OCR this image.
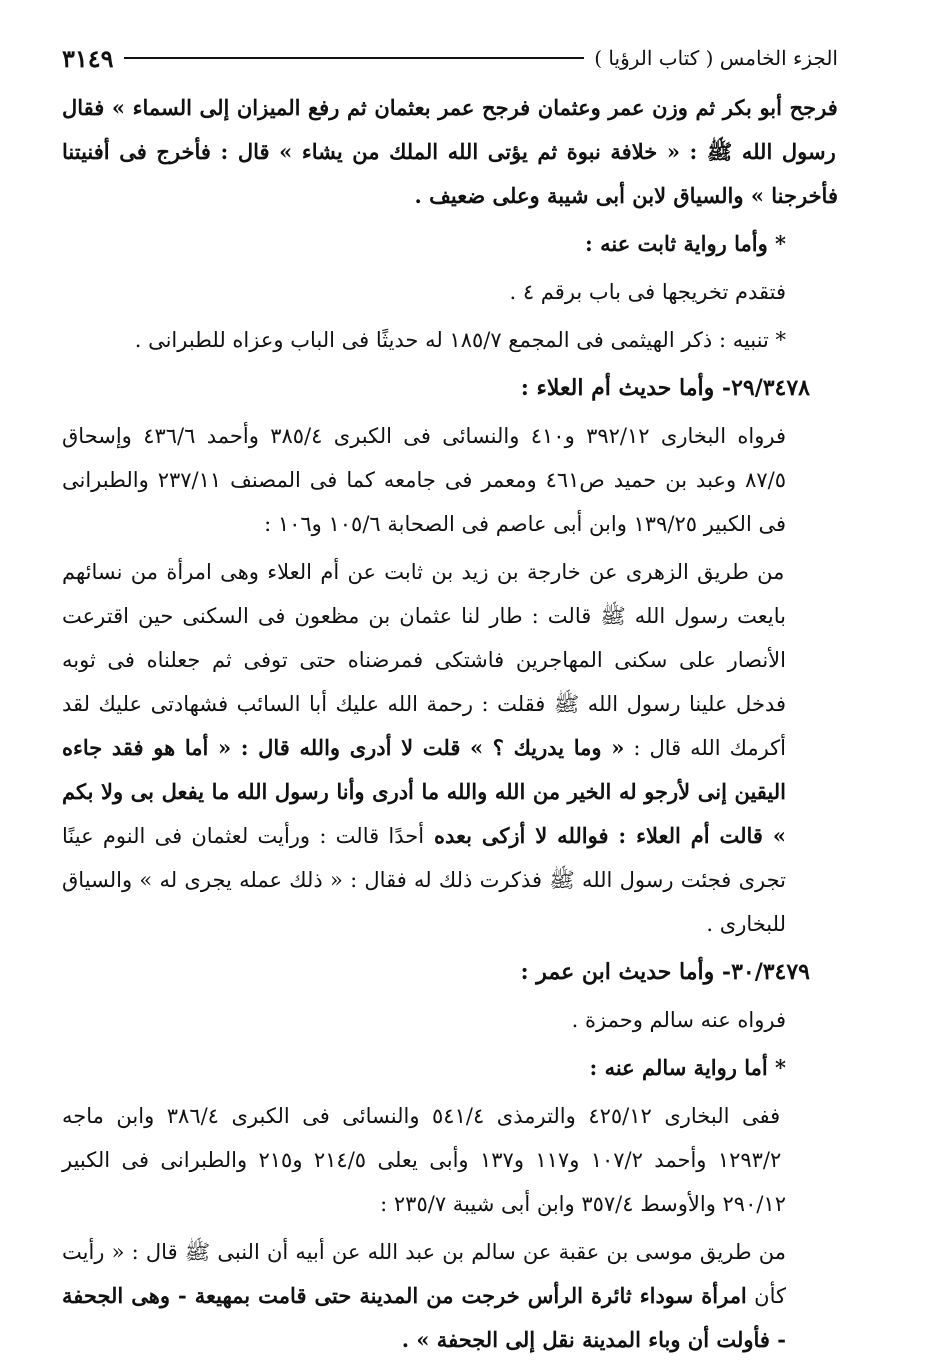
الجزء الخامس ( كتاب الرؤيا )
٣١٤٩

فرجح أبو بكر ثم وزن عمر وعثمان فرجح عمر بعثمان ثم رفع الميزان إلى السماء » فقال رسول الله ﷺ : « خلافة نبوة ثم يؤتى الله الملك من يشاء » قال : فأخرج فى أفنيتنا فأخرجنا » والسياق لابن أبى شيبة وعلى ضعيف .

* وأما رواية ثابت عنه :

فتقدم تخريجها فى باب برقم ٤ .

* تنبيه : ذكر الهيثمى فى المجمع ١٨٥/٧ له حديثًا فى الباب وعزاه للطبرانى .

٢٩/٣٤٧٨- وأما حديث أم العلاء :

فرواه البخارى ٣٩٢/١٢ و٤١٠ والنسائى فى الكبرى ٣٨٥/٤ وأحمد ٤٣٦/٦ وإسحاق ٨٧/٥ وعبد بن حميد ص٤٦١ ومعمر فى جامعه كما فى المصنف ٢٣٧/١١ والطبرانى فى الكبير ١٣٩/٢٥ وابن أبى عاصم فى الصحابة ١٠٥/٦ و١٠٦ :

من طريق الزهرى عن خارجة بن زيد بن ثابت عن أم العلاء وهى امرأة من نسائهم بايعت رسول الله ﷺ قالت : طار لنا عثمان بن مظعون فى السكنى حين اقترعت الأنصار على سكنى المهاجرين فاشتكى فمرضناه حتى توفى ثم جعلناه فى ثوبه فدخل علينا رسول الله ﷺ فقلت : رحمة الله عليك أبا السائب فشهادتى عليك لقد أكرمك الله قال : « وما يدريك ؟ » قلت لا أدرى والله قال : « أما هو فقد جاءه اليقين إنى لأرجو له الخير من الله والله ما أدرى وأنا رسول الله ما يفعل بى ولا بكم » قالت أم العلاء : فوالله لا أزكى بعده أحدًا قالت : ورأيت لعثمان فى النوم عينًا تجرى فجئت رسول الله ﷺ فذكرت ذلك له فقال : « ذلك عمله يجرى له » والسياق للبخارى .

٣٠/٣٤٧٩- وأما حديث ابن عمر :

فرواه عنه سالم وحمزة .

* أما رواية سالم عنه :

ففى البخارى ٤٢٥/١٢ والترمذى ٥٤١/٤ والنسائى فى الكبرى ٣٨٦/٤ وابن ماجه ١٢٩٣/٢ وأحمد ١٠٧/٢ و١١٧ و١٣٧ وأبى يعلى ٢١٤/٥ و٢١٥ والطبرانى فى الكبير ٢٩٠/١٢ والأوسط ٣٥٧/٤ وابن أبى شيبة ٢٣٥/٧ :

من طريق موسى بن عقبة عن سالم بن عبد الله عن أبيه أن النبى ﷺ قال : « رأيت كأن امرأة سوداء ثائرة الرأس خرجت من المدينة حتى قامت بمهيعة - وهى الجحفة - فأولت أن وباء المدينة نقل إلى الجحفة » .
